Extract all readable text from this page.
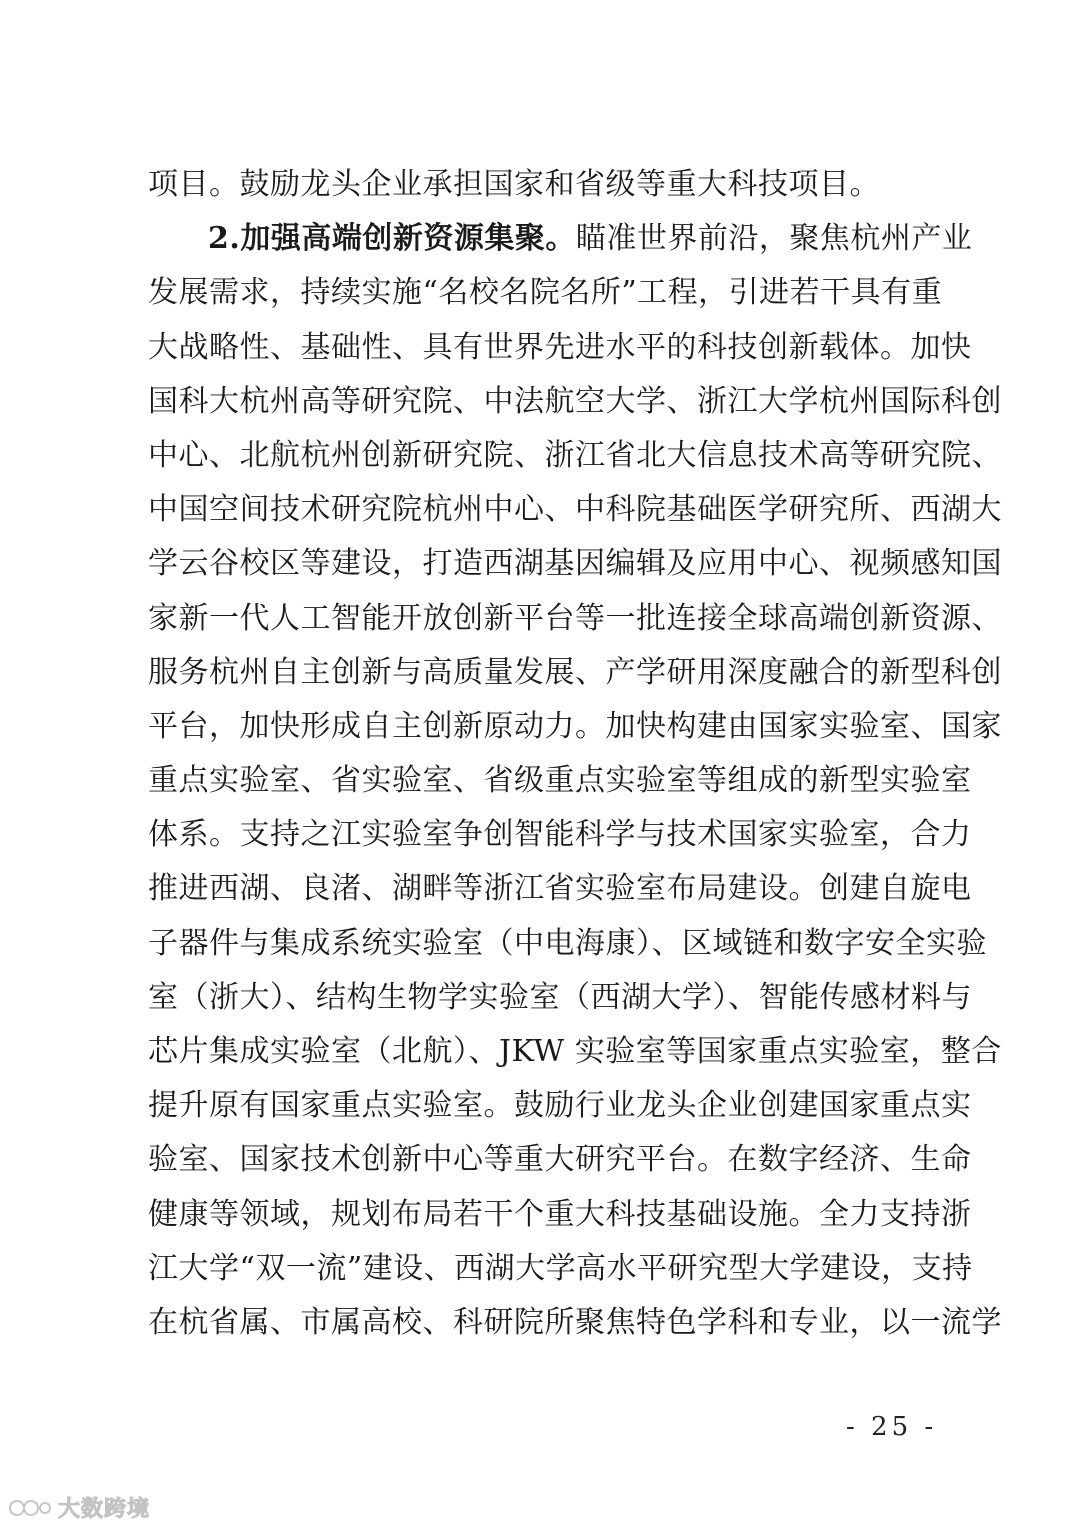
项目。鼓励龙头企业承担国家和省级等重大科技项目。
2.加强高端创新资源集聚。瞄准世界前沿，聚焦杭州产业
发展需求，持续实施“名校名院名所”工程，引进若干具有重
大战略性、基础性、具有世界先进水平的科技创新载体。加快
国科大杭州高等研究院、中法航空大学、浙江大学杭州国际科创
中心、北航杭州创新研究院、浙江省北大信息技术高等研究院、
中国空间技术研究院杭州中心、中科院基础医学研究所、西湖大
学云谷校区等建设，打造西湖基因编辑及应用中心、视频感知国
家新一代人工智能开放创新平台等一批连接全球高端创新资源、
服务杭州自主创新与高质量发展、产学研用深度融合的新型科创
平台，加快形成自主创新原动力。加快构建由国家实验室、国家
重点实验室、省实验室、省级重点实验室等组成的新型实验室
体系。支持之江实验室争创智能科学与技术国家实验室，合力
推进西湖、良渚、湖畔等浙江省实验室布局建设。创建自旋电
子器件与集成系统实验室（中电海康）、区域链和数字安全实验
室（浙大）、结构生物学实验室（西湖大学）、智能传感材料与
芯片集成实验室（北航）、JKW 实验室等国家重点实验室，整合
提升原有国家重点实验室。鼓励行业龙头企业创建国家重点实
验室、国家技术创新中心等重大研究平台。在数字经济、生命
健康等领域，规划布局若干个重大科技基础设施。全力支持浙
江大学“双一流”建设、西湖大学高水平研究型大学建设，支持
在杭省属、市属高校、科研院所聚焦特色学科和专业，以一流学
- 25 -
大数跨境
